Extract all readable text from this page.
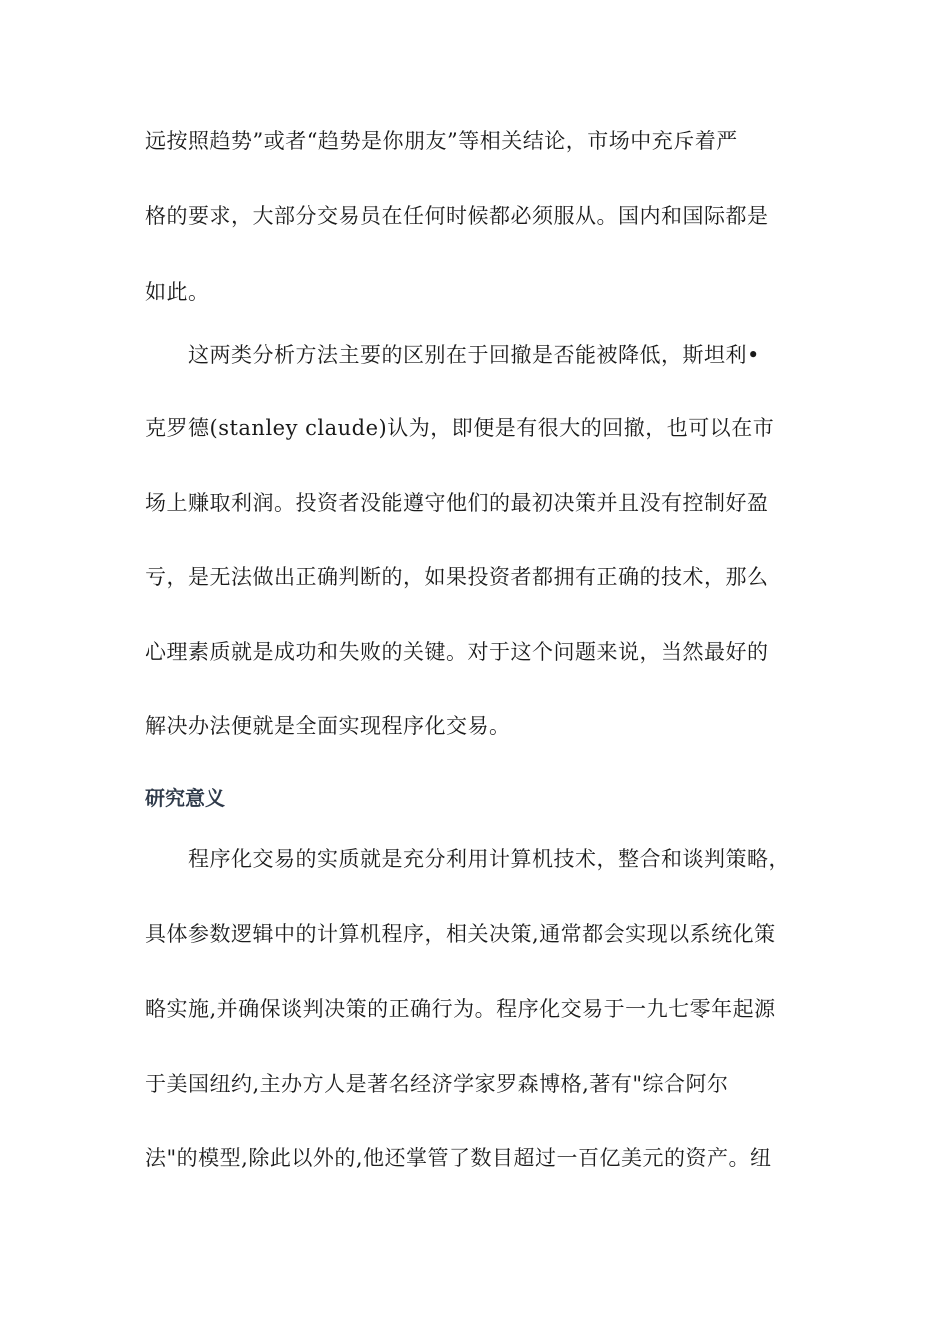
远按照趋势”或者“趋势是你朋友”等相关结论，市场中充斥着严
格的要求，大部分交易员在任何时候都必须服从。国内和国际都是
如此。
这两类分析方法主要的区别在于回撤是否能被降低，斯坦利•
克罗德(stanley claude)认为，即便是有很大的回撤，也可以在市
场上赚取利润。投资者没能遵守他们的最初决策并且没有控制好盈
亏，是无法做出正确判断的，如果投资者都拥有正确的技术，那么
心理素质就是成功和失败的关键。对于这个问题来说，当然最好的
解决办法便就是全面实现程序化交易。
研究意义
程序化交易的实质就是充分利用计算机技术，整合和谈判策略，
具体参数逻辑中的计算机程序，相关决策,通常都会实现以系统化策
略实施,并确保谈判决策的正确行为。程序化交易于一九七零年起源
于美国纽约,主办方人是著名经济学家罗森博格,著有"综合阿尔
法"的模型,除此以外的,他还掌管了数目超过一百亿美元的资产。纽
